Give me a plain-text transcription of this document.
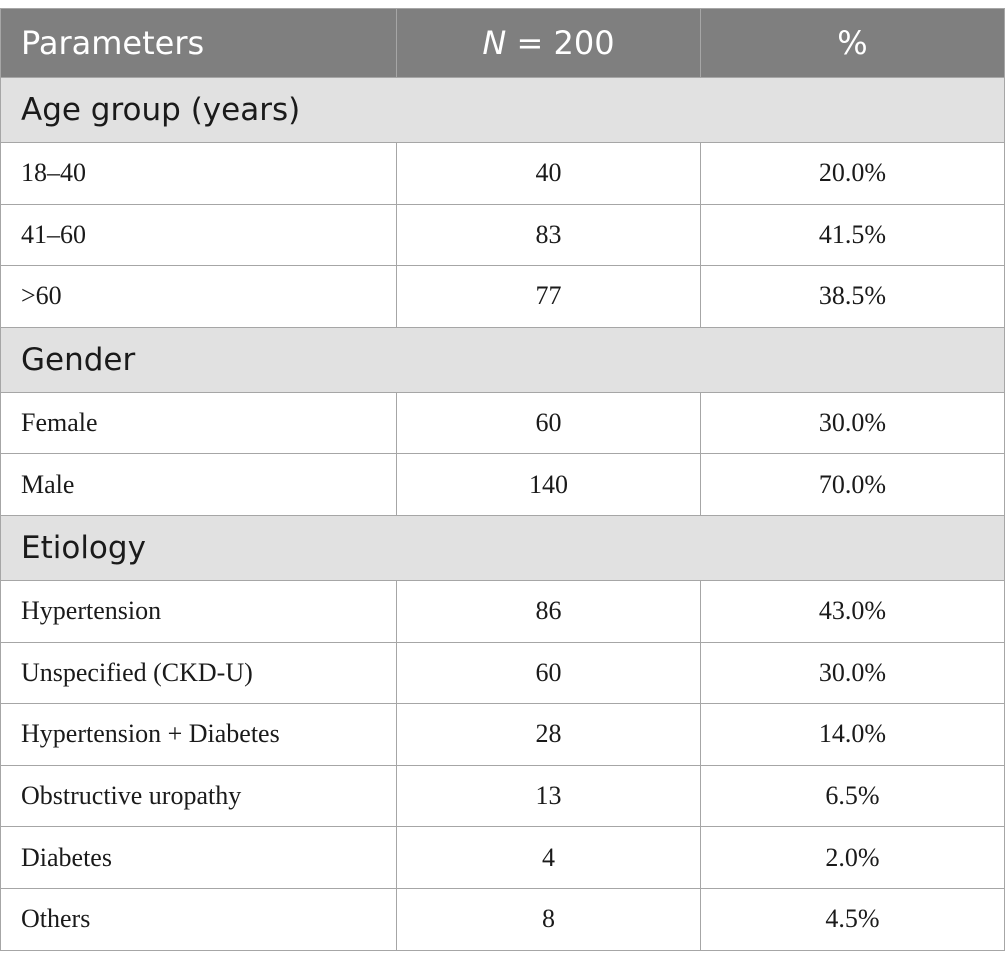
Parameters	N = 200	%
Age group (years)		
18–40	40	20.0%
41–60	83	41.5%
>60	77	38.5%
Gender		
Female	60	30.0%
Male	140	70.0%
Etiology		
Hypertension	86	43.0%
Unspecified (CKD-U)	60	30.0%
Hypertension + Diabetes	28	14.0%
Obstructive uropathy	13	6.5%
Diabetes	4	2.0%
Others	8	4.5%
